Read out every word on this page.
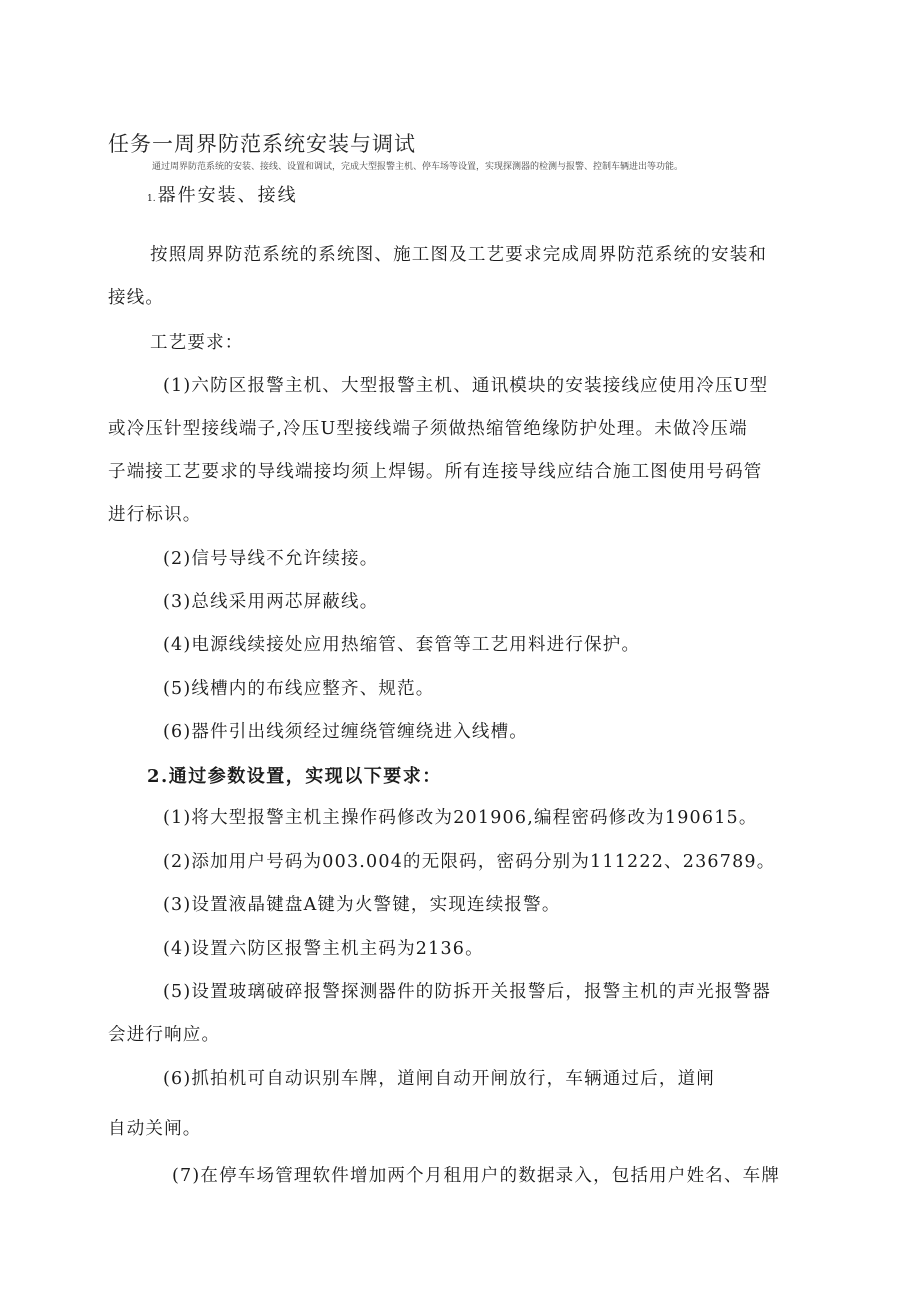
任务一周界防范系统安装与调试
通过周界防范系统的安装、接线、设置和调试，完成大型报警主机、停车场等设置，实现探测器的检测与报警、控制车辆进出等功能。
1. 器件安装、接线
按照周界防范系统的系统图、施工图及工艺要求完成周界防范系统的安装和
接线。
工艺要求：
(1)六防区报警主机、大型报警主机、通讯模块的安装接线应使用冷压U型
或冷压针型接线端子,冷压U型接线端子须做热缩管绝缘防护处理。未做冷压端
子端接工艺要求的导线端接均须上焊锡。所有连接导线应结合施工图使用号码管
进行标识。
(2)信号导线不允许续接。
(3)总线采用两芯屏蔽线。
(4)电源线续接处应用热缩管、套管等工艺用料进行保护。
(5)线槽内的布线应整齐、规范。
(6)器件引出线须经过缠绕管缠绕进入线槽。
2.通过参数设置，实现以下要求：
(1)将大型报警主机主操作码修改为201906,编程密码修改为190615。
(2)添加用户号码为003.004的无限码，密码分别为111222、236789。
(3)设置液晶键盘A键为火警键，实现连续报警。
(4)设置六防区报警主机主码为2136。
(5)设置玻璃破碎报警探测器件的防拆开关报警后，报警主机的声光报警器
会进行响应。
(6)抓拍机可自动识别车牌，道闸自动开闸放行，车辆通过后，道闸
自动关闸。
(7)在停车场管理软件增加两个月租用户的数据录入，包括用户姓名、车牌
